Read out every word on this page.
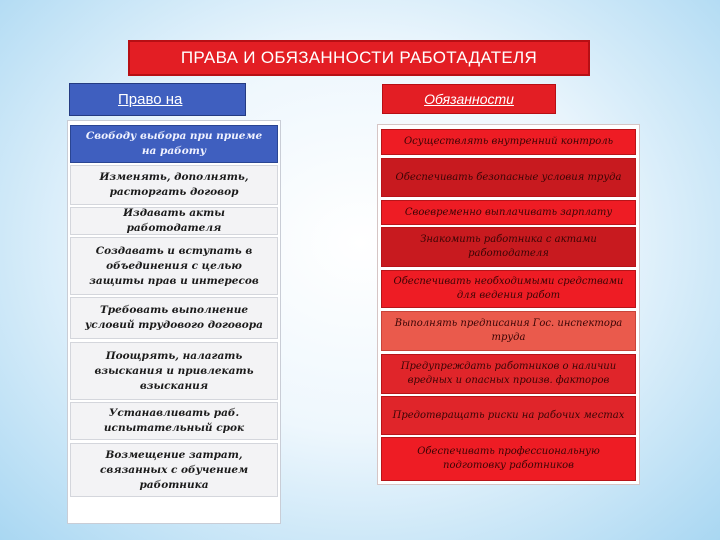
ПРАВА И ОБЯЗАННОСТИ РАБОТАДАТЕЛЯ
Право на	Обязанности
Свободу выбора при приеме на работу
Изменять, дополнять, расторгать договор
Издавать акты работодателя
Создавать и вступать в объединения с целью защиты прав и интересов
Требовать выполнение условий трудового договора
Поощрять, налагать взыскания и привлекать взыскания
Устанавливать раб. испытательный срок
Возмещение затрат, связанных с обучением работника
Осуществлять внутренний контроль
Обеспечивать безопасные условия труда
Своевременно выплачивать зарплату
Знакомить работника с актами работодателя
Обеспечивать необходимыми средствами для ведения работ
Выполнять предписания Гос. инспектора труда
Предупреждать работников о наличии вредных и опасных произв. факторов
Предотвращать риски на рабочих местах
Обеспечивать профессиональную подготовку работников
